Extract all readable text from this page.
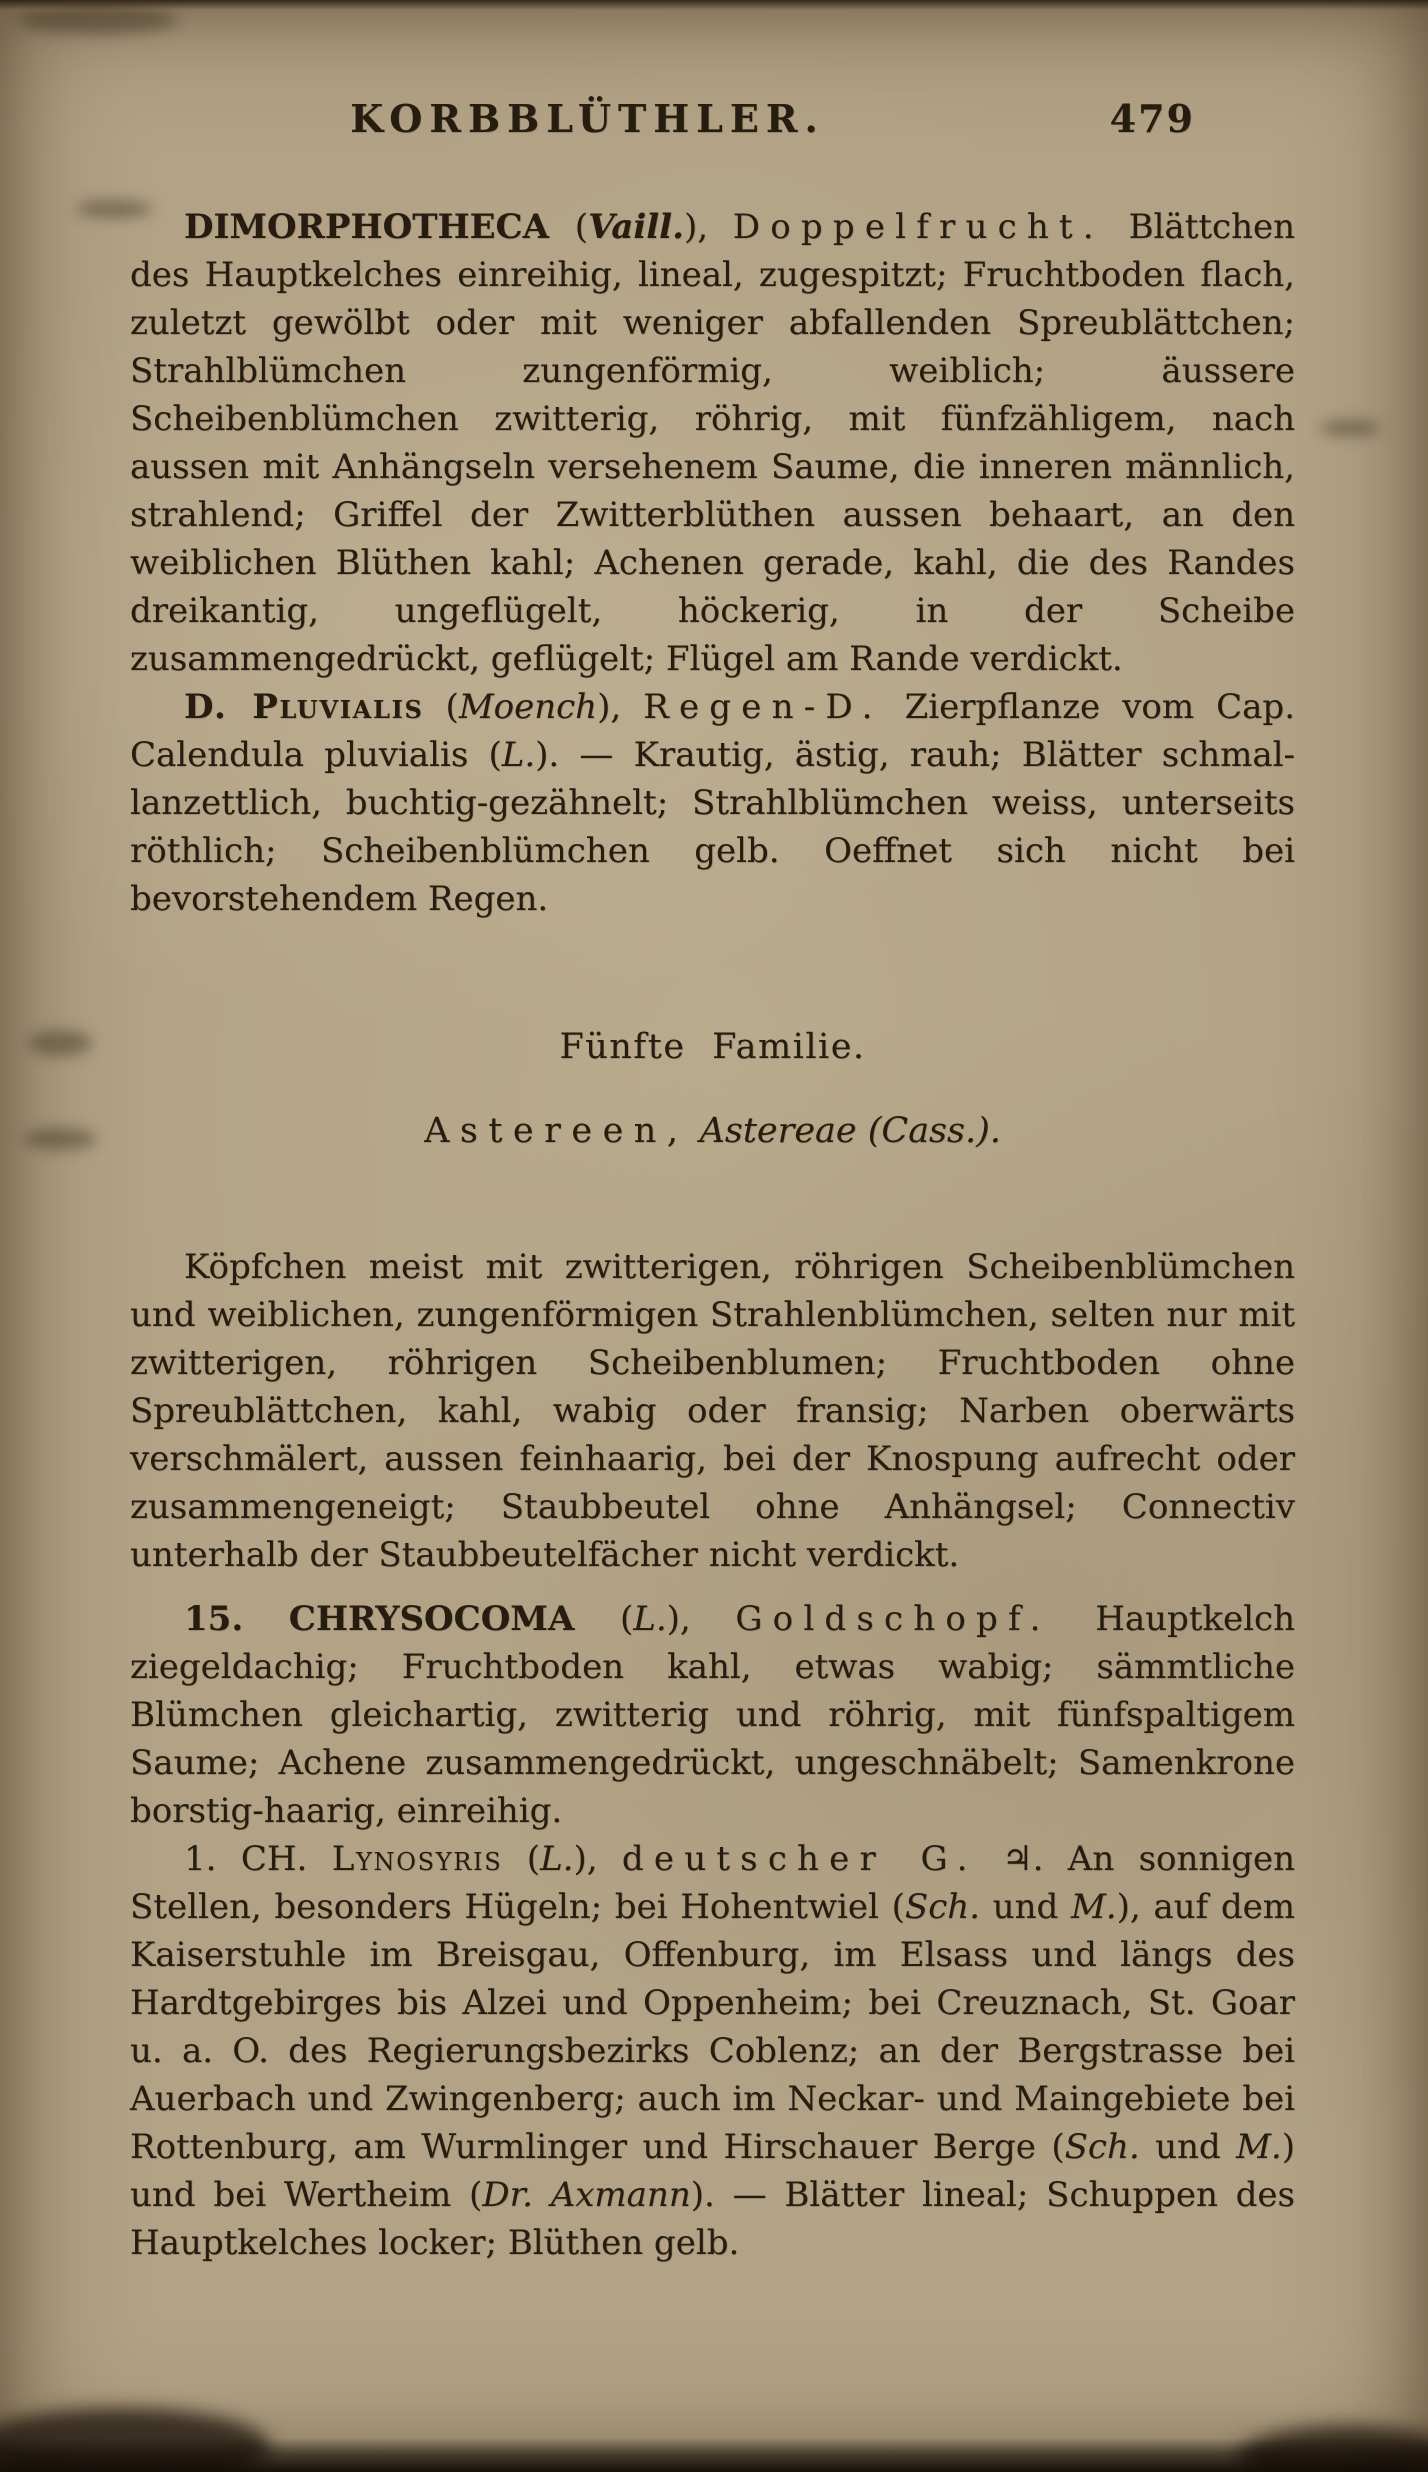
KORBBLÜTHLER.	479

DIMORPHOTHECA (Vaill.), Doppelfrucht. Blättchen des Hauptkelches einreihig, lineal, zugespitzt; Fruchtboden flach, zuletzt gewölbt oder mit weniger abfallenden Spreublättchen; Strahlblümchen zungenförmig, weiblich; äussere Scheibenblümchen zwitterig, röhrig, mit fünfzähligem, nach aussen mit Anhängseln versehenem Saume, die inneren männlich, strahlend; Griffel der Zwitterblüthen aussen behaart, an den weiblichen Blüthen kahl; Achenen gerade, kahl, die des Randes dreikantig, ungeflügelt, höckerig, in der Scheibe zusammengedrückt, geflügelt; Flügel am Rande verdickt.

D. Pluvialis (Moench), Regen-D. Zierpflanze vom Cap. Calendula pluvialis (L.). — Krautig, ästig, rauh; Blätter schmal-lanzettlich, buchtig-gezähnelt; Strahlblümchen weiss, unterseits röthlich; Scheibenblümchen gelb. Oeffnet sich nicht bei bevorstehendem Regen.

Fünfte Familie.

Astereen, Astereae (Cass.).

Köpfchen meist mit zwitterigen, röhrigen Scheibenblümchen und weiblichen, zungenförmigen Strahlenblümchen, selten nur mit zwitterigen, röhrigen Scheibenblumen; Fruchtboden ohne Spreublättchen, kahl, wabig oder fransig; Narben oberwärts verschmälert, aussen feinhaarig, bei der Knospung aufrecht oder zusammengeneigt; Staubbeutel ohne Anhängsel; Connectiv unterhalb der Staubbeutelfächer nicht verdickt.

15. CHRYSOCOMA (L.), Goldschopf. Hauptkelch ziegeldachig; Fruchtboden kahl, etwas wabig; sämmtliche Blümchen gleichartig, zwitterig und röhrig, mit fünfspaltigem Saume; Achene zusammengedrückt, ungeschnäbelt; Samenkrone borstig-haarig, einreihig.

1. CH. Lynosyris (L.), deutscher G. ♃. An sonnigen Stellen, besonders Hügeln; bei Hohentwiel (Sch. und M.), auf dem Kaiserstuhle im Breisgau, Offenburg, im Elsass und längs des Hardtgebirges bis Alzei und Oppenheim; bei Creuznach, St. Goar u. a. O. des Regierungsbezirks Coblenz; an der Bergstrasse bei Auerbach und Zwingenberg; auch im Neckar- und Maingebiete bei Rottenburg, am Wurmlinger und Hirschauer Berge (Sch. und M.) und bei Wertheim (Dr. Axmann). — Blätter lineal; Schuppen des Hauptkelches locker; Blüthen gelb.
